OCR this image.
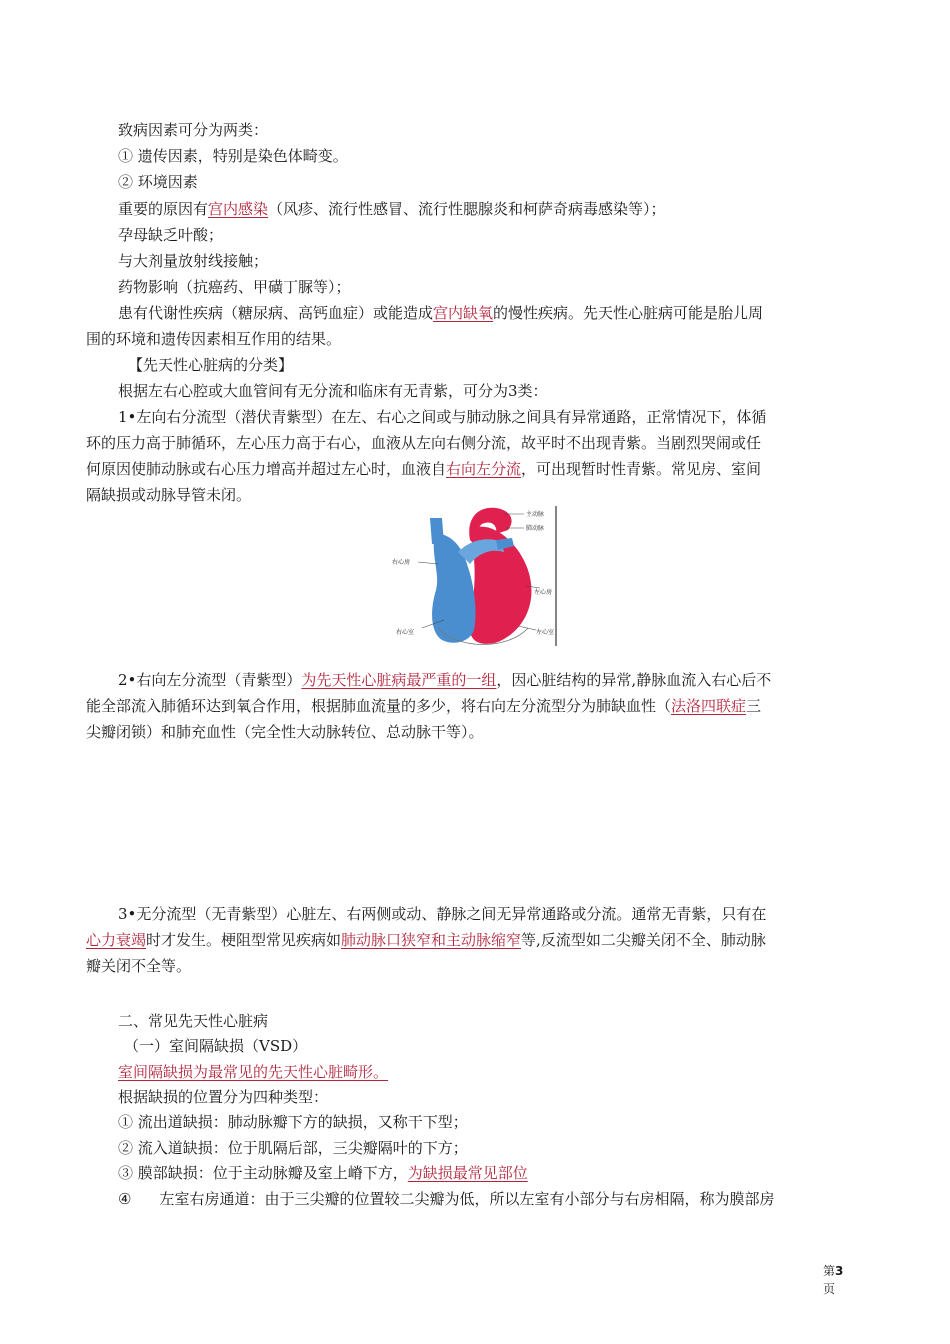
致病因素可分为两类：
① 遗传因素，特别是染色体畸变。
② 环境因素
重要的原因有宫内感染（风疹、流行性感冒、流行性腮腺炎和柯萨奇病毒感染等）；
孕母缺乏叶酸；
与大剂量放射线接触；
药物影响（抗癌药、甲磺丁脲等）；
患有代谢性疾病（糖尿病、高钙血症）或能造成宫内缺氧的慢性疾病。先天性心脏病可能是胎儿周
围的环境和遗传因素相互作用的结果。
【先天性心脏病的分类】
根据左右心腔或大血管间有无分流和临床有无青紫，可分为3类：
1•左向右分流型（潜伏青紫型）在左、右心之间或与肺动脉之间具有异常通路，正常情况下，体循
环的压力高于肺循环，左心压力高于右心，血液从左向右侧分流，故平时不出现青紫。当剧烈哭闹或任
何原因使肺动脉或右心压力增高并超过左心时，血液自右向左分流，可出现暂时性青紫。常见房、室间
隔缺损或动脉导管未闭。
主动脉
肺动脉
右心房
左心房
右心室	左心室
2•右向左分流型（青紫型）为先天性心脏病最严重的一组，因心脏结构的异常,静脉血流入右心后不
能全部流入肺循环达到氧合作用，根据肺血流量的多少，将右向左分流型分为肺缺血性（法洛四联症三
尖瓣闭锁）和肺充血性（完全性大动脉转位、总动脉干等）。
3•无分流型（无青紫型）心脏左、右两侧或动、静脉之间无异常通路或分流。通常无青紫，只有在
心力衰竭时才发生。梗阻型常见疾病如肺动脉口狭窄和主动脉缩窄等,反流型如二尖瓣关闭不全、肺动脉
瓣关闭不全等。
二、常见先天性心脏病
（一）室间隔缺损（VSD）
室间隔缺损为最常见的先天性心脏畸形。
根据缺损的位置分为四种类型：
① 流出道缺损：肺动脉瓣下方的缺损，又称干下型；
② 流入道缺损：位于肌隔后部，三尖瓣隔叶的下方；
③ 膜部缺损：位于主动脉瓣及室上嵴下方，为缺损最常见部位
④ 左室右房通道：由于三尖瓣的位置较二尖瓣为低，所以左室有小部分与右房相隔，称为膜部房
第3
页
